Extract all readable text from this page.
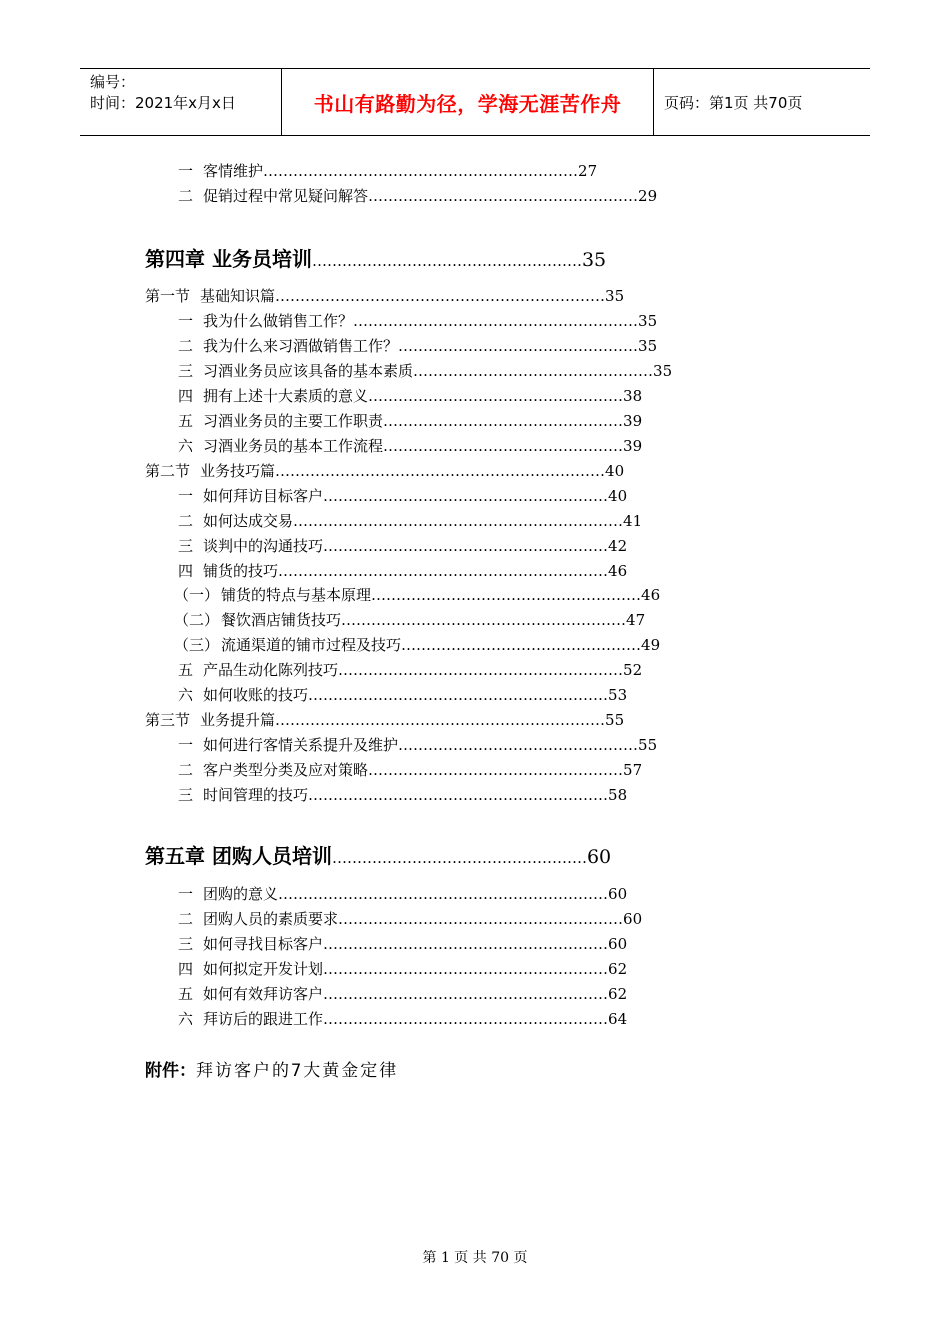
编号：
时间：2021年x月x日	书山有路勤为径，学海无涯苦作舟	页码：第1页 共70页
一 客情维护………………………………………………………27
二 促销过程中常见疑问解答………………………………………………29
第四章 业务员培训………………………………………………35
第一节 基础知识篇…………………………………………………………35
一 我为什么做销售工作？…………………………………………………35
二 我为什么来习酒做销售工作？…………………………………………35
三 习酒业务员应该具备的基本素质…………………………………………35
四 拥有上述十大素质的意义……………………………………………38
五 习酒业务员的主要工作职责…………………………………………39
六 习酒业务员的基本工作流程…………………………………………39
第二节 业务技巧篇…………………………………………………………40
一 如何拜访目标客户…………………………………………………40
二 如何达成交易…………………………………………………………41
三 谈判中的沟通技巧…………………………………………………42
四 铺货的技巧…………………………………………………………46
（一） 铺货的特点与基本原理………………………………………………46
（二） 餐饮酒店铺货技巧…………………………………………………47
（三） 流通渠道的铺市过程及技巧…………………………………………49
五 产品生动化陈列技巧…………………………………………………52
六 如何收账的技巧……………………………………………………53
第三节 业务提升篇…………………………………………………………55
一 如何进行客情关系提升及维护…………………………………………55
二 客户类型分类及应对策略……………………………………………57
三 时间管理的技巧……………………………………………………58
第五章 团购人员培训……………………………………………60
一 团购的意义…………………………………………………………60
二 团购人员的素质要求…………………………………………………60
三 如何寻找目标客户…………………………………………………60
四 如何拟定开发计划…………………………………………………62
五 如何有效拜访客户…………………………………………………62
六 拜访后的跟进工作…………………………………………………64
附件：拜访客户的7大黄金定律
第 1 页 共 70 页
